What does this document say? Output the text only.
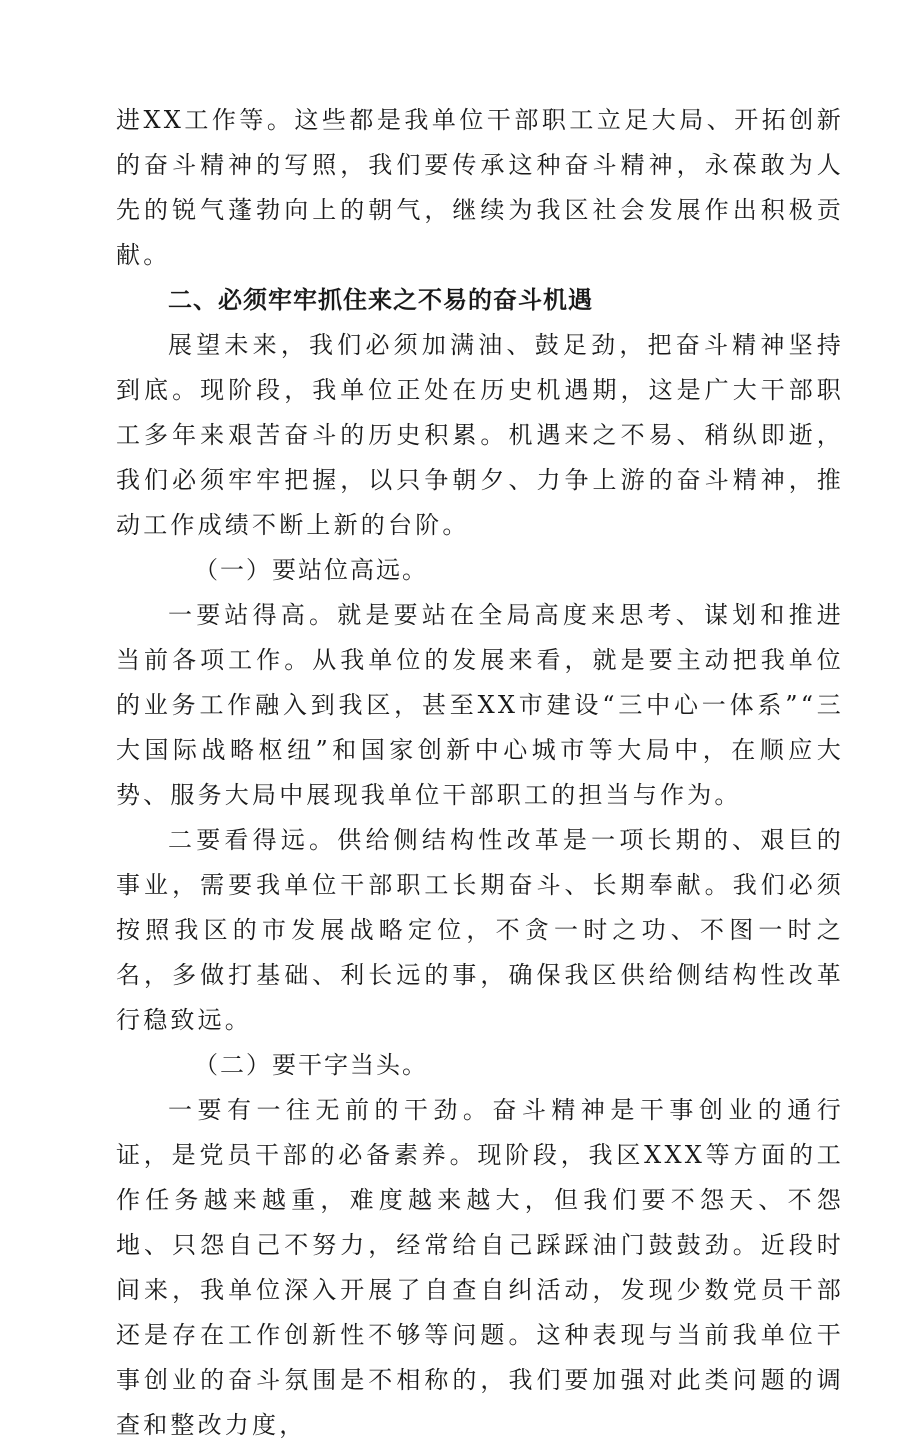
进XX工作等。这些都是我单位干部职工立足大局、开拓创新的奋斗精神的写照，我们要传承这种奋斗精神，永葆敢为人先的锐气蓬勃向上的朝气，继续为我区社会发展作出积极贡献。

二、必须牢牢抓住来之不易的奋斗机遇

展望未来，我们必须加满油、鼓足劲，把奋斗精神坚持到底。现阶段，我单位正处在历史机遇期，这是广大干部职工多年来艰苦奋斗的历史积累。机遇来之不易、稍纵即逝，我们必须牢牢把握，以只争朝夕、力争上游的奋斗精神，推动工作成绩不断上新的台阶。

（一）要站位高远。

一要站得高。就是要站在全局高度来思考、谋划和推进当前各项工作。从我单位的发展来看，就是要主动把我单位的业务工作融入到我区，甚至XX市建设“三中心一体系”“三大国际战略枢纽”和国家创新中心城市等大局中，在顺应大势、服务大局中展现我单位干部职工的担当与作为。

二要看得远。供给侧结构性改革是一项长期的、艰巨的事业，需要我单位干部职工长期奋斗、长期奉献。我们必须按照我区的市发展战略定位，不贪一时之功、不图一时之名，多做打基础、利长远的事，确保我区供给侧结构性改革行稳致远。

（二）要干字当头。

一要有一往无前的干劲。奋斗精神是干事创业的通行证，是党员干部的必备素养。现阶段，我区XXX等方面的工作任务越来越重，难度越来越大，但我们要不怨天、不怨地、只怨自己不努力，经常给自己踩踩油门鼓鼓劲。近段时间来，我单位深入开展了自查自纠活动，发现少数党员干部还是存在工作创新性不够等问题。这种表现与当前我单位干事创业的奋斗氛围是不相称的，我们要加强对此类问题的调查和整改力度，
